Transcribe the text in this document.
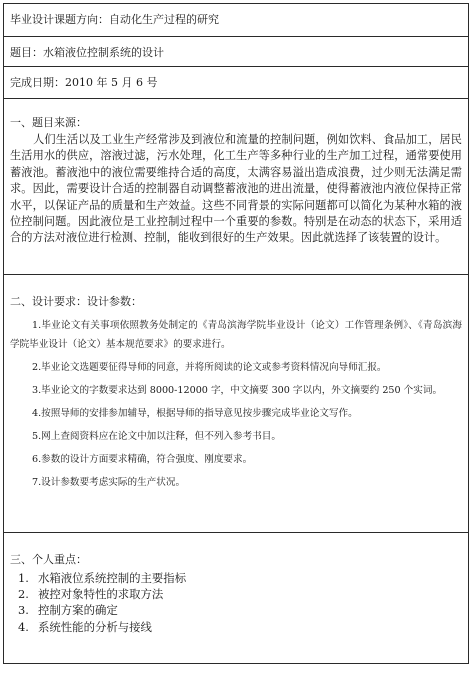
毕业设计课题方向：自动化生产过程的研究
题目：水箱液位控制系统的设计
完成日期：2010 年 5 月 6 号

一、题目来源：
人们生活以及工业生产经常涉及到液位和流量的控制问题，例如饮料、食品加工，居民生活用水的供应，溶液过滤，污水处理，化工生产等多种行业的生产加工过程，通常要使用蓄液池。蓄液池中的液位需要维持合适的高度，太满容易溢出造成浪费，过少则无法满足需求。因此，需要设计合适的控制器自动调整蓄液池的进出流量，使得蓄液池内液位保持正常水平，以保证产品的质量和生产效益。这些不同背景的实际问题都可以简化为某种水箱的液位控制问题。因此液位是工业控制过程中一个重要的参数。特别是在动态的状态下，采用适合的方法对液位进行检测、控制，能收到很好的生产效果。因此就选择了该装置的设计。

二、设计要求：设计参数：
1.毕业论文有关事项依照教务处制定的《青岛滨海学院毕业设计（论文）工作管理条例》、《青岛滨海学院毕业设计（论文）基本规范要求》的要求进行。
2.毕业论文选题要征得导师的同意，并将所阅读的论文或参考资料情况向导师汇报。
3.毕业论文的字数要求达到 8000-12000 字，中文摘要 300 字以内，外文摘要约 250 个实词。
4.按照导师的安排参加辅导，根据导师的指导意见按步骤完成毕业论文写作。
5.网上查阅资料应在论文中加以注释，但不列入参考书目。
6.参数的设计方面要求精确，符合强度、刚度要求。
7.设计参数要考虑实际的生产状况。

三、个人重点：
1. 水箱液位系统控制的主要指标
2. 被控对象特性的求取方法
3. 控制方案的确定
4. 系统性能的分析与接线
